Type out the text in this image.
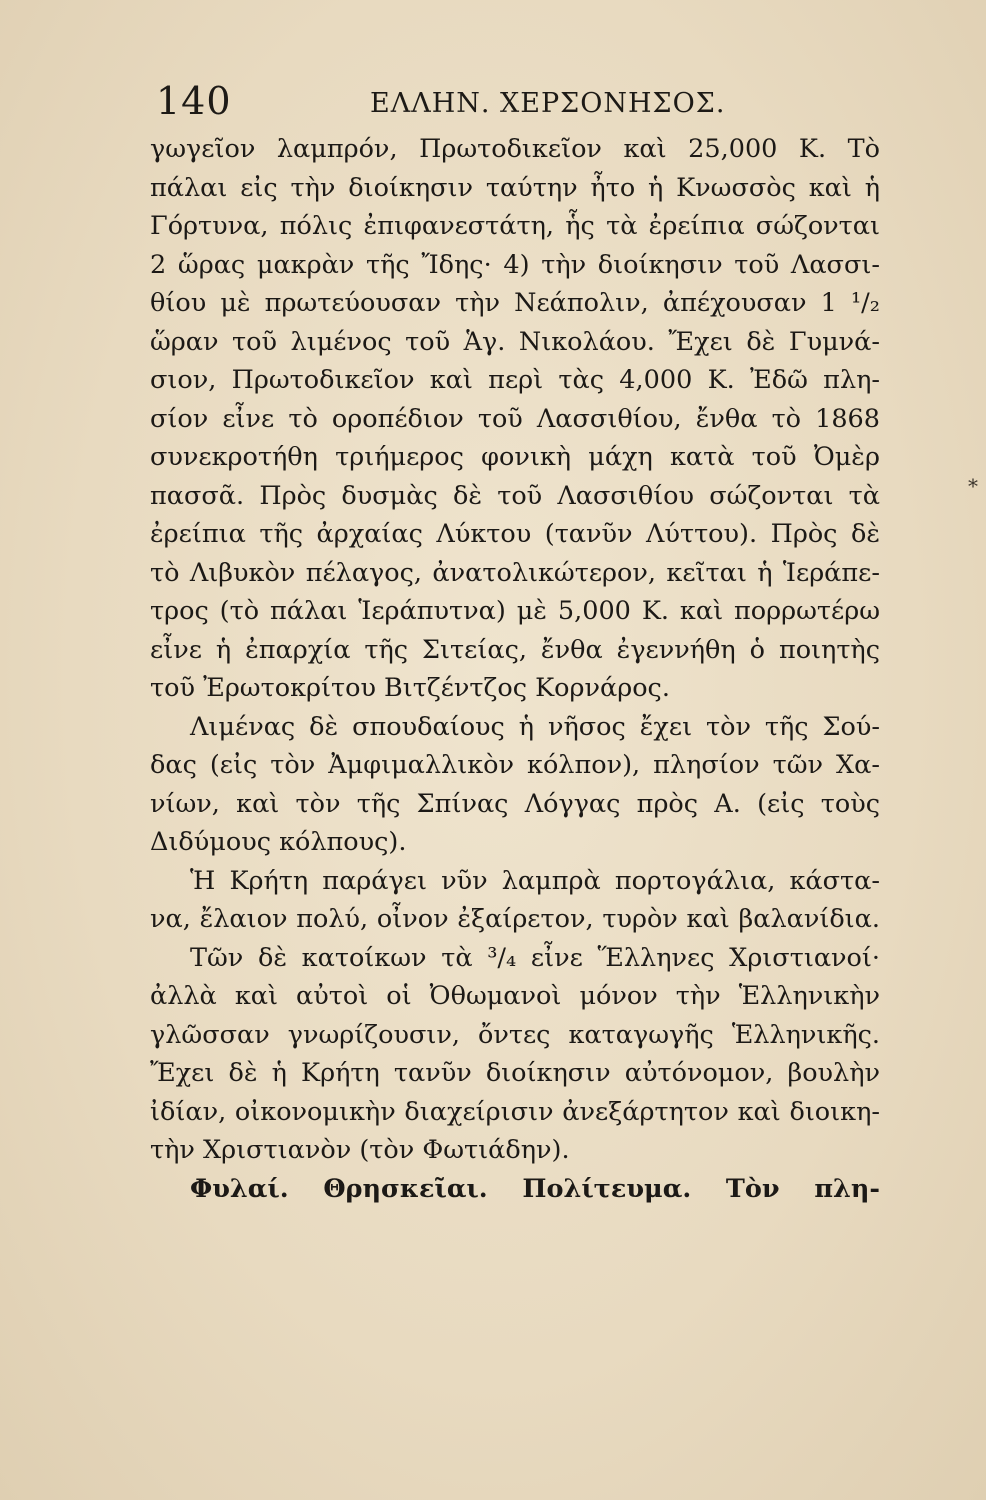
140	ΕΛΛΗΝ. ΧΕΡΣΟΝΗΣΟΣ.
γωγεῖον λαμπρόν, Πρωτοδικεῖον καὶ 25,000 Κ. Τὸ
πάλαι εἰς τὴν διοίκησιν ταύτην ἦτο ἡ Κνωσσὸς καὶ ἡ
Γόρτυνα, πόλις ἐπιφανεστάτη, ἧς τὰ ἐρείπια σώζονται
2 ὥρας μακρὰν τῆς Ἴδης· 4) τὴν διοίκησιν τοῦ Λασσι-
θίου μὲ πρωτεύουσαν τὴν Νεάπολιν, ἀπέχουσαν 1 ¹/₂
ὥραν τοῦ λιμένος τοῦ Ἁγ. Νικολάου. Ἔχει δὲ Γυμνά-
σιον, Πρωτοδικεῖον καὶ περὶ τὰς 4,000 Κ. Ἐδῶ πλη-
σίον εἶνε τὸ οροπέδιον τοῦ Λασσιθίου, ἔνθα τὸ 1868
συνεκροτήθη τριήμερος φονικὴ μάχη κατὰ τοῦ Ὀμὲρ
πασσᾶ. Πρὸς δυσμὰς δὲ τοῦ Λασσιθίου σώζονται τὰ
ἐρείπια τῆς ἀρχαίας Λύκτου (τανῦν Λύττου). Πρὸς δὲ
τὸ Λιβυκὸν πέλαγος, ἀνατολικώτερον, κεῖται ἡ Ἱεράπε-
τρος (τὸ πάλαι Ἱεράπυτνα) μὲ 5,000 Κ. καὶ πορρωτέρω
εἶνε ἡ ἐπαρχία τῆς Σιτείας, ἔνθα ἐγεννήθη ὁ ποιητὴς
τοῦ Ἐρωτοκρίτου Βιτζέντζος Κορνάρος.
Λιμένας δὲ σπουδαίους ἡ νῆσος ἔχει τὸν τῆς Σού-
δας (εἰς τὸν Ἀμφιμαλλικὸν κόλπον), πλησίον τῶν Χα-
νίων, καὶ τὸν τῆς Σπίνας Λόγγας πρὸς Α. (εἰς τοὺς
Διδύμους κόλπους).
Ἡ Κρήτη παράγει νῦν λαμπρὰ πορτογάλια, κάστα-
να, ἔλαιον πολύ, οἶνον ἐξαίρετον, τυρὸν καὶ βαλανίδια.
Τῶν δὲ κατοίκων τὰ ³/₄ εἶνε Ἕλληνες Χριστιανοί·
ἀλλὰ καὶ αὐτοὶ οἱ Ὀθωμανοὶ μόνον τὴν Ἑλληνικὴν
γλῶσσαν γνωρίζουσιν, ὄντες καταγωγῆς Ἑλληνικῆς.
Ἔχει δὲ ἡ Κρήτη τανῦν διοίκησιν αὐτόνομον, βουλὴν
ἰδίαν, οἰκονομικὴν διαχείρισιν ἀνεξάρτητον καὶ διοικη-
τὴν Χριστιανὸν (τὸν Φωτιάδην).
Φυλαί. Θρησκεῖαι. Πολίτευμα. Τὸν πλη-
*
